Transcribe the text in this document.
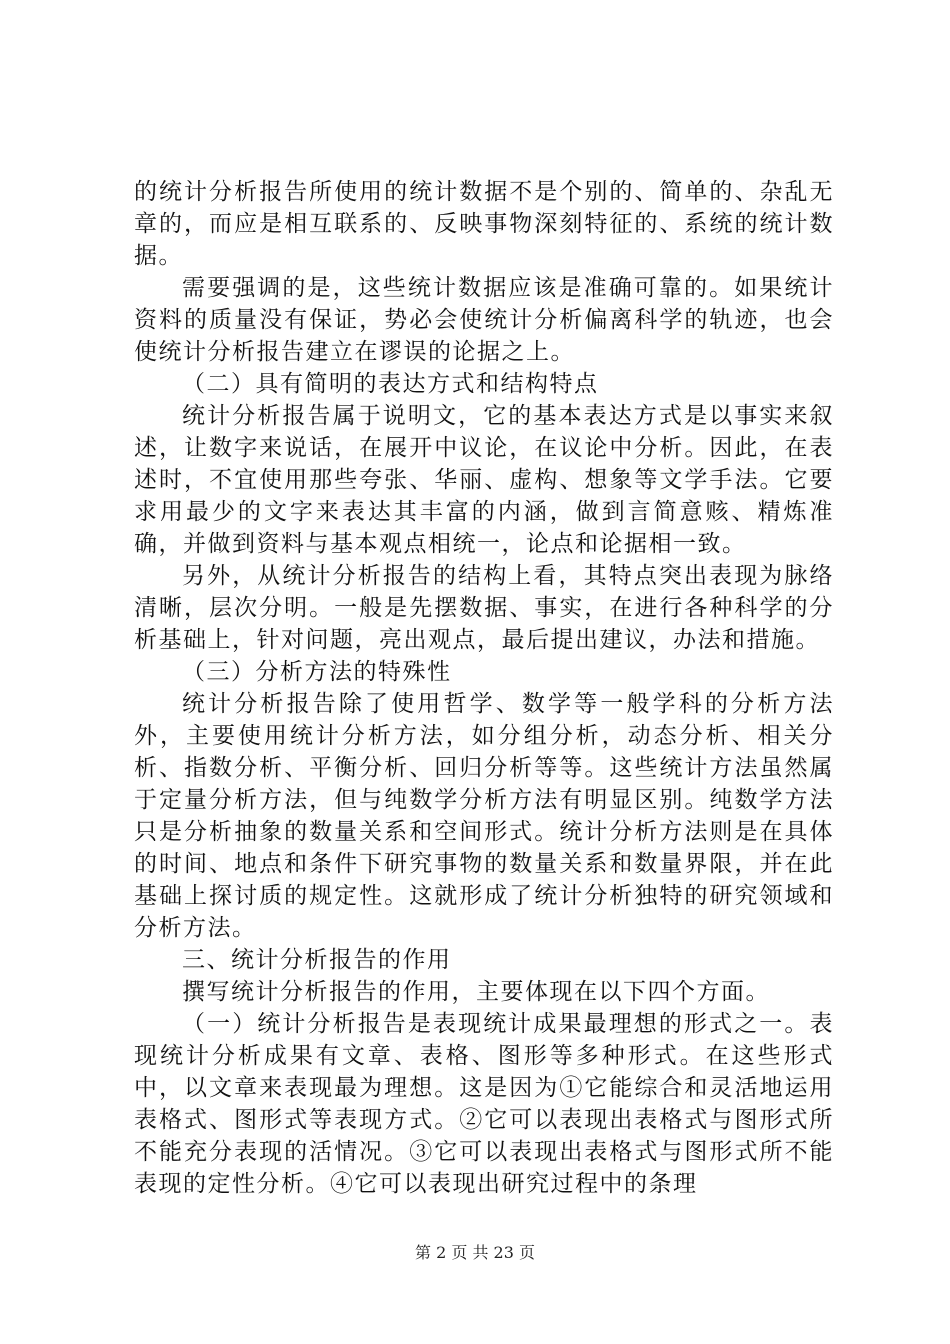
的统计分析报告所使用的统计数据不是个别的、简单的、杂乱无章的，而应是相互联系的、反映事物深刻特征的、系统的统计数据。

需要强调的是，这些统计数据应该是准确可靠的。如果统计资料的质量没有保证，势必会使统计分析偏离科学的轨迹，也会使统计分析报告建立在谬误的论据之上。

（二）具有简明的表达方式和结构特点

统计分析报告属于说明文，它的基本表达方式是以事实来叙述，让数字来说话，在展开中议论，在议论中分析。因此，在表述时，不宜使用那些夸张、华丽、虚构、想象等文学手法。它要求用最少的文字来表达其丰富的内涵，做到言简意赅、精炼准确，并做到资料与基本观点相统一，论点和论据相一致。

另外，从统计分析报告的结构上看，其特点突出表现为脉络清晰，层次分明。一般是先摆数据、事实，在进行各种科学的分析基础上，针对问题，亮出观点，最后提出建议，办法和措施。

（三）分析方法的特殊性

统计分析报告除了使用哲学、数学等一般学科的分析方法外，主要使用统计分析方法，如分组分析，动态分析、相关分析、指数分析、平衡分析、回归分析等等。这些统计方法虽然属于定量分析方法，但与纯数学分析方法有明显区别。纯数学方法只是分析抽象的数量关系和空间形式。统计分析方法则是在具体的时间、地点和条件下研究事物的数量关系和数量界限，并在此基础上探讨质的规定性。这就形成了统计分析独特的研究领域和分析方法。

三、统计分析报告的作用

撰写统计分析报告的作用，主要体现在以下四个方面。

（一）统计分析报告是表现统计成果最理想的形式之一。表现统计分析成果有文章、表格、图形等多种形式。在这些形式中，以文章来表现最为理想。这是因为①它能综合和灵活地运用表格式、图形式等表现方式。②它可以表现出表格式与图形式所不能充分表现的活情况。③它可以表现出表格式与图形式所不能表现的定性分析。④它可以表现出研究过程中的条理

第 2 页 共 23 页
